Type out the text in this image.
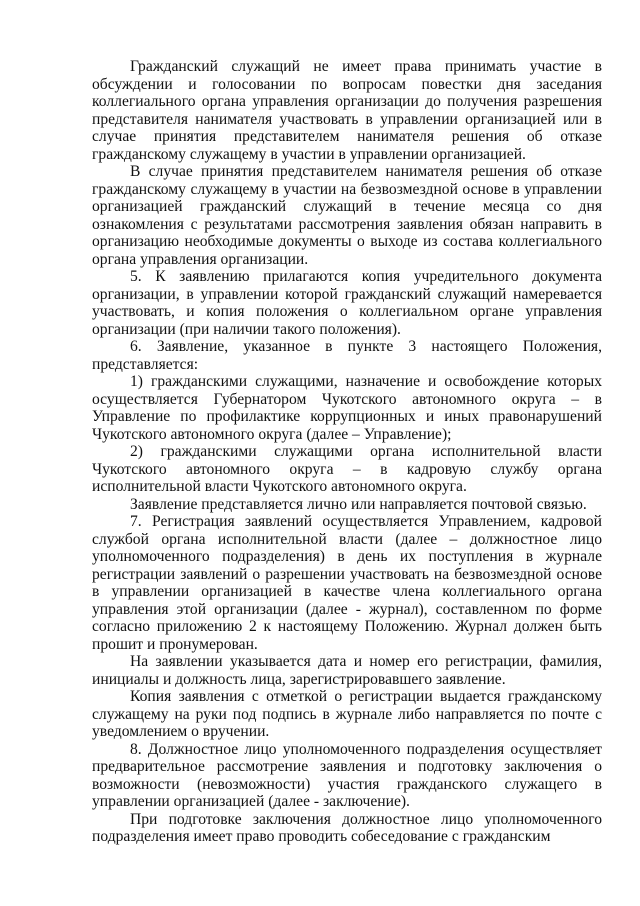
Гражданский служащий не имеет права принимать участие в обсуждении и голосовании по вопросам повестки дня заседания коллегиального органа управления организации до получения разрешения представителя нанимателя участвовать в управлении организацией или в случае принятия представителем нанимателя решения об отказе гражданскому служащему в участии в управлении организацией.

В случае принятия представителем нанимателя решения об отказе гражданскому служащему в участии на безвозмездной основе в управлении организацией гражданский служащий в течение месяца со дня ознакомления с результатами рассмотрения заявления обязан направить в организацию необходимые документы о выходе из состава коллегиального органа управления организации.

5. К заявлению прилагаются копия учредительного документа организации, в управлении которой гражданский служащий намеревается участвовать, и копия положения о коллегиальном органе управления организации (при наличии такого положения).

6. Заявление, указанное в пункте 3 настоящего Положения, представляется:

1) гражданскими служащими, назначение и освобождение которых осуществляется Губернатором Чукотского автономного округа – в Управление по профилактике коррупционных и иных правонарушений Чукотского автономного округа (далее – Управление);

2) гражданскими служащими органа исполнительной власти Чукотского автономного округа – в кадровую службу органа исполнительной власти Чукотского автономного округа.

Заявление представляется лично или направляется почтовой связью.

7. Регистрация заявлений осуществляется Управлением, кадровой службой органа исполнительной власти (далее – должностное лицо уполномоченного подразделения) в день их поступления в журнале регистрации заявлений о разрешении участвовать на безвозмездной основе в управлении организацией в качестве члена коллегиального органа управления этой организации (далее - журнал), составленном по форме согласно приложению 2 к настоящему Положению. Журнал должен быть прошит и пронумерован.

На заявлении указывается дата и номер его регистрации, фамилия, инициалы и должность лица, зарегистрировавшего заявление.

Копия заявления с отметкой о регистрации выдается гражданскому служащему на руки под подпись в журнале либо направляется по почте с уведомлением о вручении.

8. Должностное лицо уполномоченного подразделения осуществляет предварительное рассмотрение заявления и подготовку заключения о возможности (невозможности) участия гражданского служащего в управлении организацией (далее - заключение).

При подготовке заключения должностное лицо уполномоченного подразделения имеет право проводить собеседование с гражданским
